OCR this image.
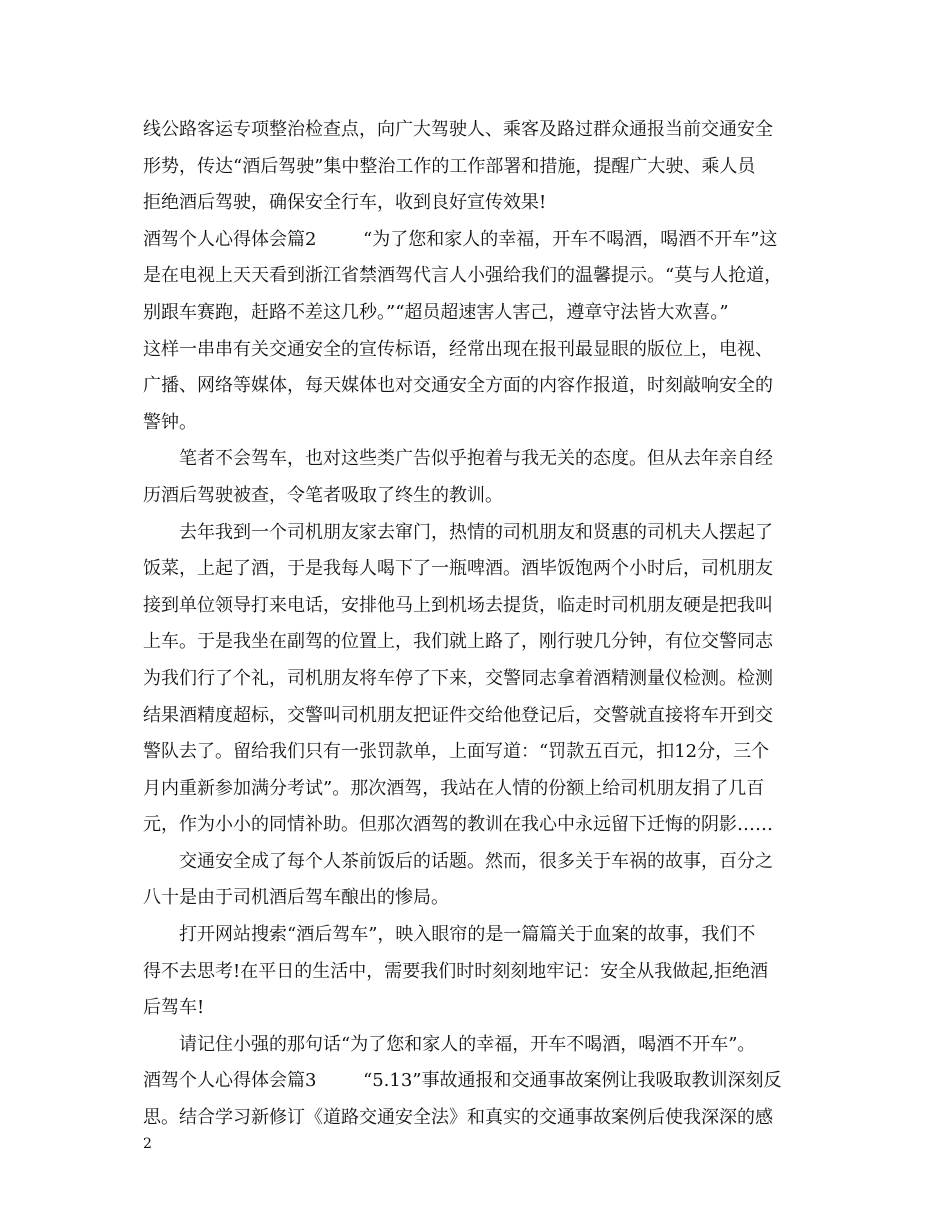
线公路客运专项整治检查点，向广大驾驶人、乘客及路过群众通报当前交通安全
形势，传达“酒后驾驶”集中整治工作的工作部署和措施，提醒广大驶、乘人员
拒绝酒后驾驶，确保安全行车，收到良好宣传效果!
酒驾个人心得体会篇2	“为了您和家人的幸福，开车不喝酒，喝酒不开车”这
是在电视上天天看到浙江省禁酒驾代言人小强给我们的温馨提示。“莫与人抢道，
别跟车赛跑，赶路不差这几秒。”“超员超速害人害己，遵章守法皆大欢喜。”
这样一串串有关交通安全的宣传标语，经常出现在报刊最显眼的版位上，电视、
广播、网络等媒体，每天媒体也对交通安全方面的内容作报道，时刻敲响安全的
警钟。
笔者不会驾车，也对这些类广告似乎抱着与我无关的态度。但从去年亲自经
历酒后驾驶被查，令笔者吸取了终生的教训。
去年我到一个司机朋友家去窜门，热情的司机朋友和贤惠的司机夫人摆起了
饭菜，上起了酒，于是我每人喝下了一瓶啤酒。酒毕饭饱两个小时后，司机朋友
接到单位领导打来电话，安排他马上到机场去提货，临走时司机朋友硬是把我叫
上车。于是我坐在副驾的位置上，我们就上路了，刚行驶几分钟，有位交警同志
为我们行了个礼，司机朋友将车停了下来，交警同志拿着酒精测量仪检测。检测
结果酒精度超标，交警叫司机朋友把证件交给他登记后，交警就直接将车开到交
警队去了。留给我们只有一张罚款单，上面写道：“罚款五百元，扣12分，三个
月内重新参加满分考试”。那次酒驾，我站在人情的份额上给司机朋友捐了几百
元，作为小小的同情补助。但那次酒驾的教训在我心中永远留下迁悔的阴影……
交通安全成了每个人茶前饭后的话题。然而，很多关于车祸的故事，百分之
八十是由于司机酒后驾车酿出的惨局。
打开网站搜索“酒后驾车”，映入眼帘的是一篇篇关于血案的故事，我们不
得不去思考!在平日的生活中，需要我们时时刻刻地牢记：安全从我做起,拒绝酒
后驾车!
请记住小强的那句话“为了您和家人的幸福，开车不喝酒，喝酒不开车”。
酒驾个人心得体会篇3	“5.13”事故通报和交通事故案例让我吸取教训深刻反
思。结合学习新修订《道路交通安全法》和真实的交通事故案例后使我深深的感
2
